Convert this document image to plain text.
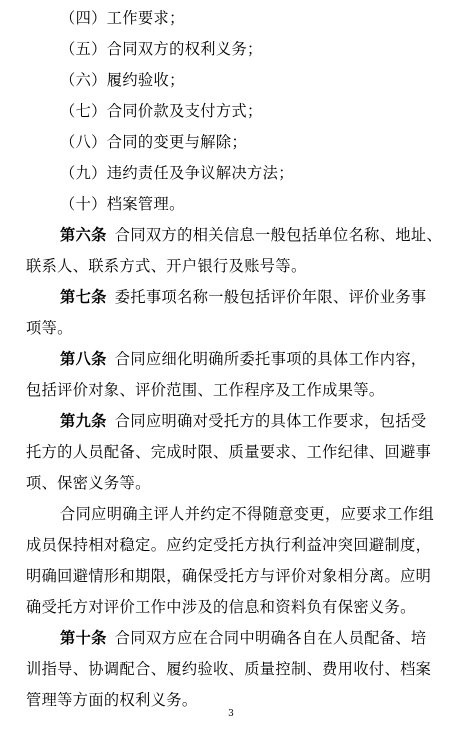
（四）工作要求；
（五）合同双方的权利义务；
（六）履约验收；
（七）合同价款及支付方式；
（八）合同的变更与解除；
（九）违约责任及争议解决方法；
（十）档案管理。
第六条 合同双方的相关信息一般包括单位名称、地址、
联系人、联系方式、开户银行及账号等。
第七条 委托事项名称一般包括评价年限、评价业务事
项等。
第八条 合同应细化明确所委托事项的具体工作内容，
包括评价对象、评价范围、工作程序及工作成果等。
第九条 合同应明确对受托方的具体工作要求，包括受
托方的人员配备、完成时限、质量要求、工作纪律、回避事
项、保密义务等。
合同应明确主评人并约定不得随意变更，应要求工作组
成员保持相对稳定。应约定受托方执行利益冲突回避制度，
明确回避情形和期限，确保受托方与评价对象相分离。应明
确受托方对评价工作中涉及的信息和资料负有保密义务。
第十条 合同双方应在合同中明确各自在人员配备、培
训指导、协调配合、履约验收、质量控制、费用收付、档案
管理等方面的权利义务。
3
